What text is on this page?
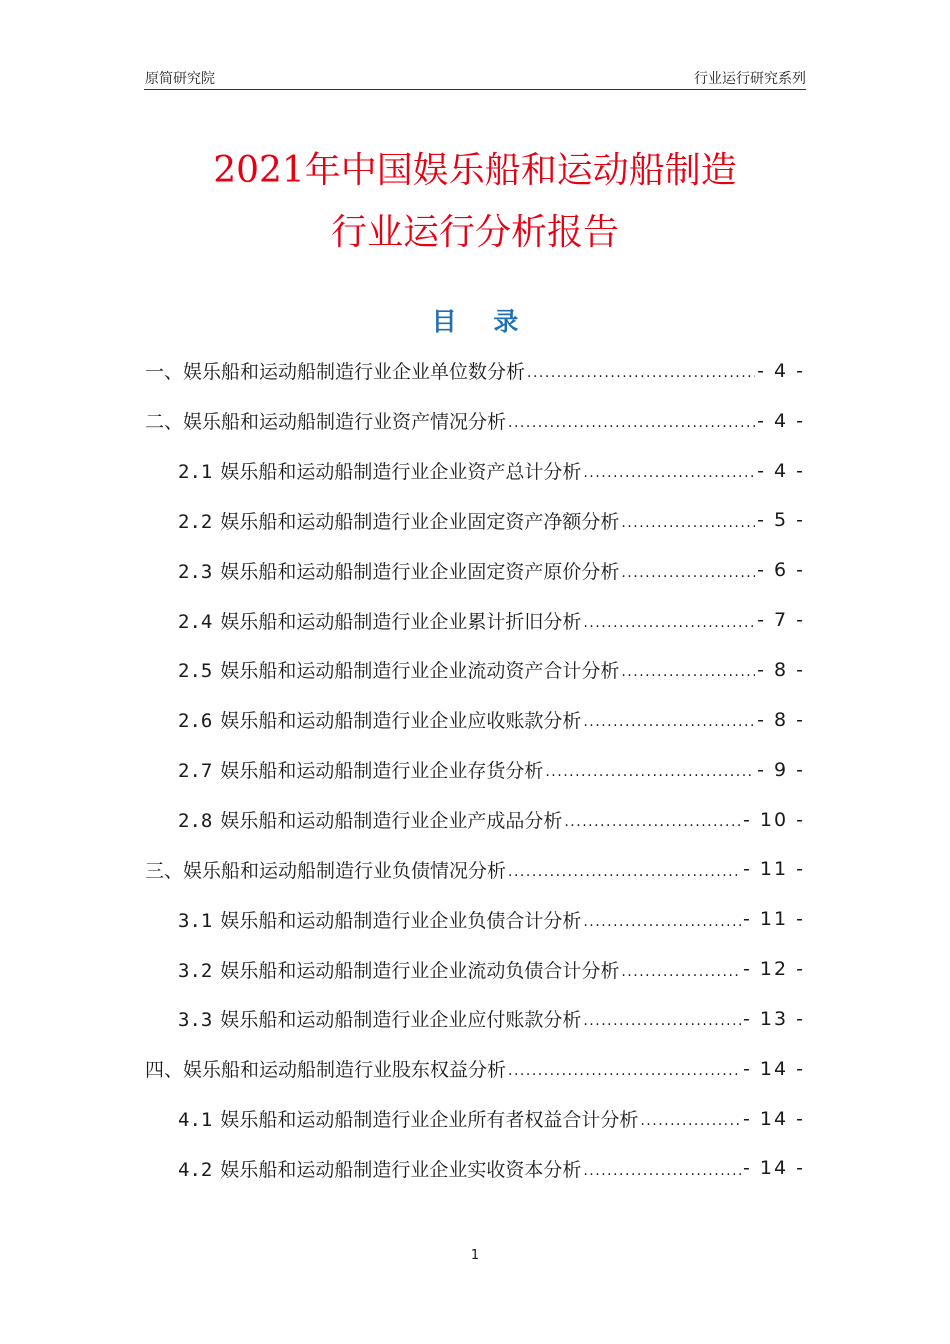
原简研究院	行业运行研究系列
2021年中国娱乐船和运动船制造
行业运行分析报告
目 录
一、娱乐船和运动船制造行业企业单位数分析 .....	- 4 -
二、娱乐船和运动船制造行业资产情况分析 .....	- 4 -
2.1 娱乐船和运动船制造行业企业资产总计分析 .....	- 4 -
2.2 娱乐船和运动船制造行业企业固定资产净额分析 .....	- 5 -
2.3 娱乐船和运动船制造行业企业固定资产原价分析 .....	- 6 -
2.4 娱乐船和运动船制造行业企业累计折旧分析 .....	- 7 -
2.5 娱乐船和运动船制造行业企业流动资产合计分析 .....	- 8 -
2.6 娱乐船和运动船制造行业企业应收账款分析 .....	- 8 -
2.7 娱乐船和运动船制造行业企业存货分析 .....	- 9 -
2.8 娱乐船和运动船制造行业企业产成品分析 .....	- 10 -
三、娱乐船和运动船制造行业负债情况分析 .....	- 11 -
3.1 娱乐船和运动船制造行业企业负债合计分析 .....	- 11 -
3.2 娱乐船和运动船制造行业企业流动负债合计分析 .....	- 12 -
3.3 娱乐船和运动船制造行业企业应付账款分析 .....	- 13 -
四、娱乐船和运动船制造行业股东权益分析 .....	- 14 -
4.1 娱乐船和运动船制造行业企业所有者权益合计分析 .....	- 14 -
4.2 娱乐船和运动船制造行业企业实收资本分析 .....	- 14 -
1
